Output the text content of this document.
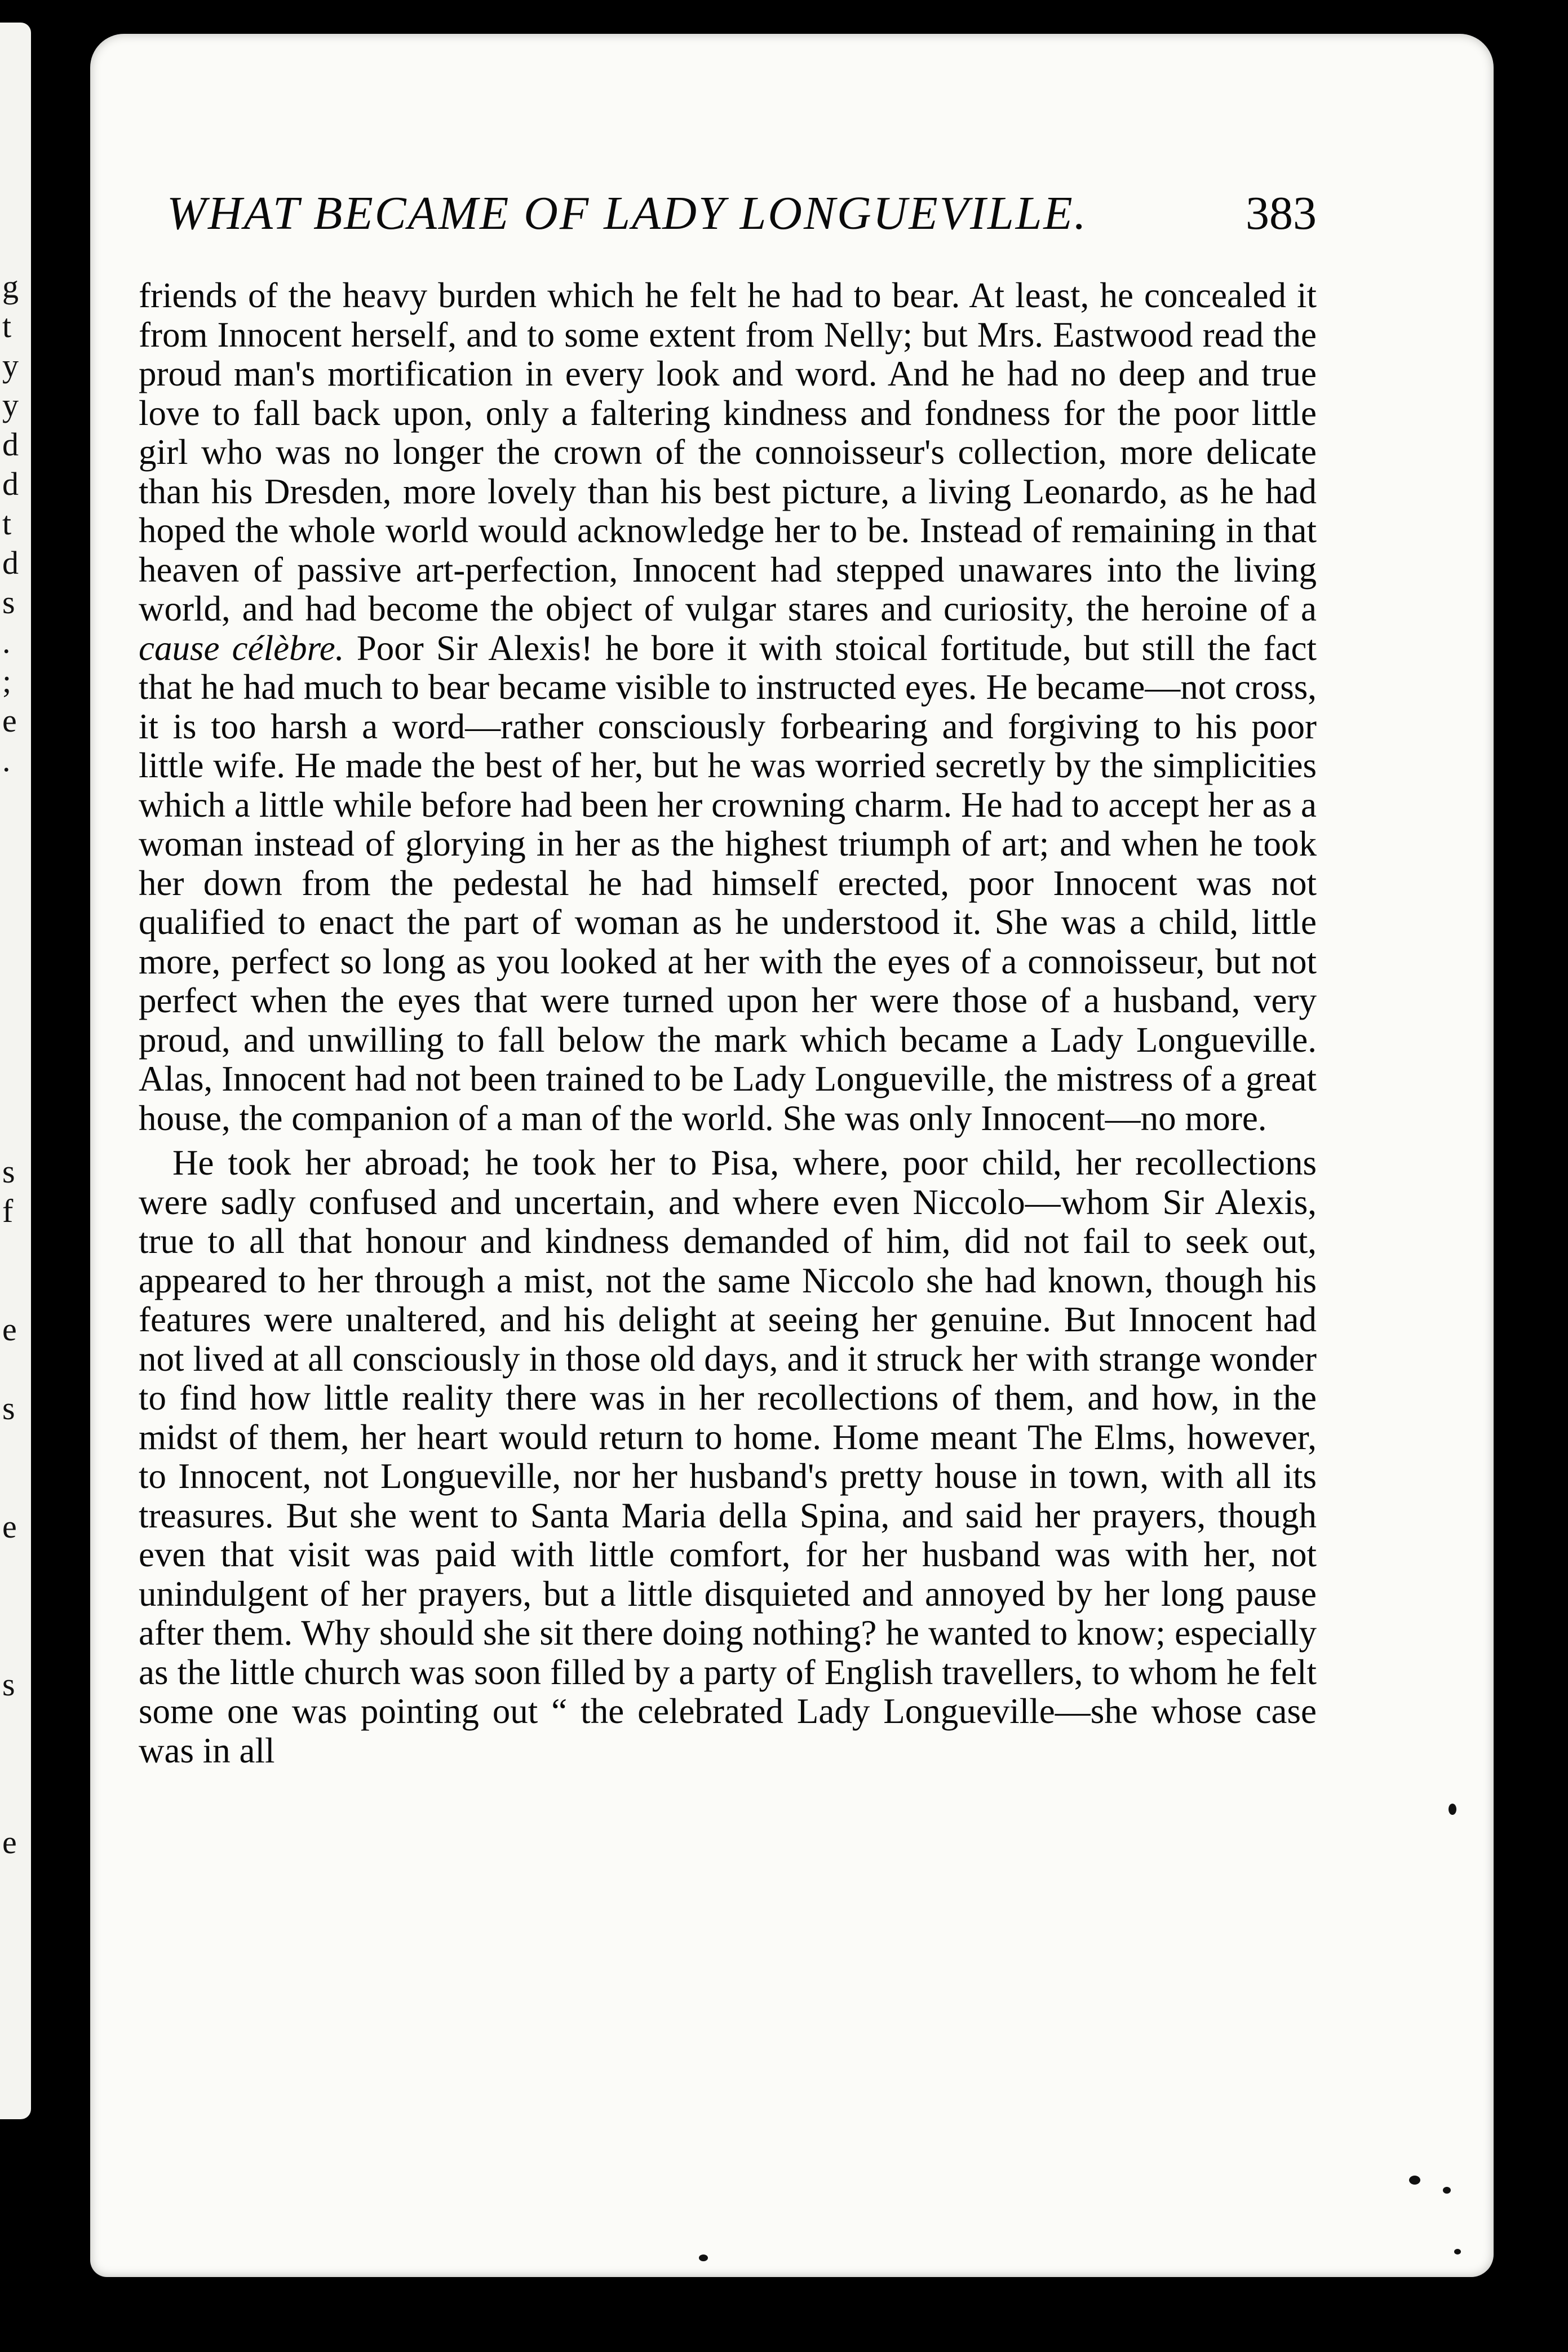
g
t
y
y
d
d
t
d
s
.
;
e
.
s
f
e
s
e
s
e
WHAT BECAME OF LADY LONGUEVILLE.	383

friends of the heavy burden which he felt he had to bear. At least, he concealed it from Innocent herself, and to some extent from Nelly; but Mrs. Eastwood read the proud man's mortification in every look and word. And he had no deep and true love to fall back upon, only a faltering kindness and fondness for the poor little girl who was no longer the crown of the connoisseur's collection, more delicate than his Dresden, more lovely than his best picture, a living Leonardo, as he had hoped the whole world would acknowledge her to be. Instead of remaining in that heaven of passive art-perfection, Innocent had stepped unawares into the living world, and had become the object of vulgar stares and curiosity, the heroine of a cause célèbre. Poor Sir Alexis! he bore it with stoical fortitude, but still the fact that he had much to bear became visible to instructed eyes. He became—not cross, it is too harsh a word—rather consciously forbearing and forgiving to his poor little wife. He made the best of her, but he was worried secretly by the simplicities which a little while before had been her crowning charm. He had to accept her as a woman instead of glorying in her as the highest triumph of art; and when he took her down from the pedestal he had himself erected, poor Innocent was not qualified to enact the part of woman as he understood it. She was a child, little more, perfect so long as you looked at her with the eyes of a connoisseur, but not perfect when the eyes that were turned upon her were those of a husband, very proud, and unwilling to fall below the mark which became a Lady Longueville. Alas, Innocent had not been trained to be Lady Longueville, the mistress of a great house, the companion of a man of the world. She was only Innocent—no more.

He took her abroad; he took her to Pisa, where, poor child, her recollections were sadly confused and uncertain, and where even Niccolo—whom Sir Alexis, true to all that honour and kindness demanded of him, did not fail to seek out, appeared to her through a mist, not the same Niccolo she had known, though his features were unaltered, and his delight at seeing her genuine. But Innocent had not lived at all consciously in those old days, and it struck her with strange wonder to find how little reality there was in her recollections of them, and how, in the midst of them, her heart would return to home. Home meant The Elms, however, to Innocent, not Longueville, nor her husband's pretty house in town, with all its treasures. But she went to Santa Maria della Spina, and said her prayers, though even that visit was paid with little comfort, for her husband was with her, not unindulgent of her prayers, but a little disquieted and annoyed by her long pause after them. Why should she sit there doing nothing? he wanted to know; especially as the little church was soon filled by a party of English travellers, to whom he felt some one was pointing out “ the celebrated Lady Longueville—she whose case was in all
